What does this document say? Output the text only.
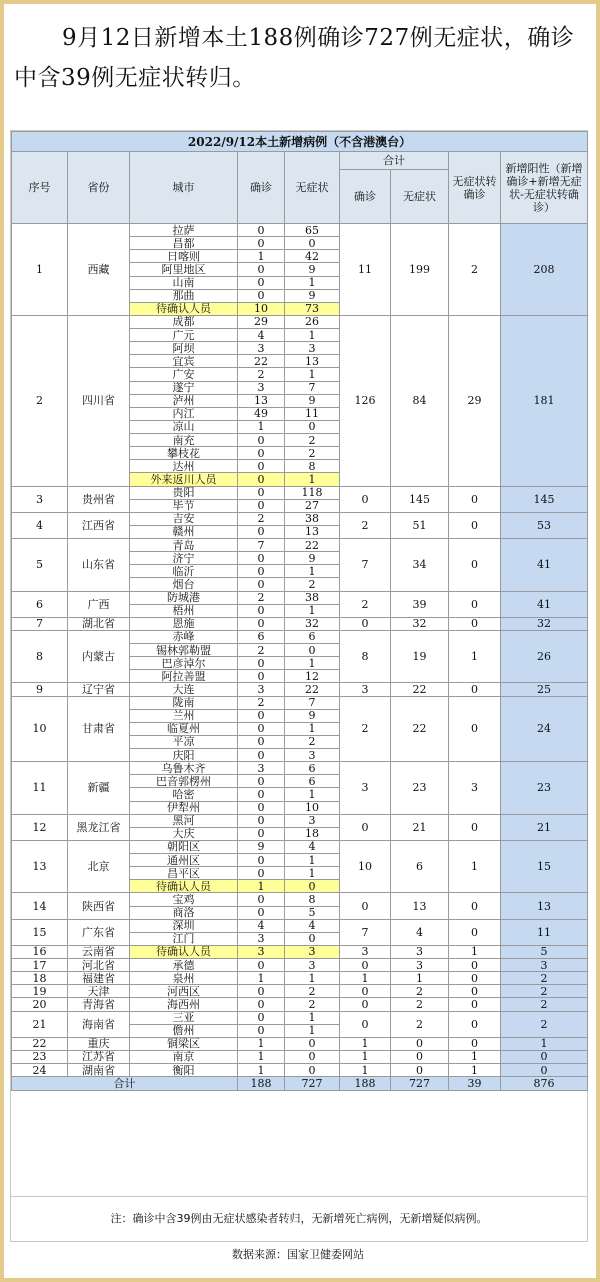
9月12日新增本土188例确诊727例无症状，确诊中含39例无症状转归。
2022/9/12本土新增病例（不含港澳台）								
序号	省份	城市	确诊	无症状	合计		无症状转确诊	新增阳性（新增确诊+新增无症状-无症状转确诊）
					确诊	无症状		
1	西藏	拉萨	0	65	11	199	2	208
		昌都	0	0				
		日喀则	1	42				
		阿里地区	0	9				
		山南	0	1				
		那曲	0	9				
		待确认人员	10	73				
2	四川省	成都	29	26	126	84	29	181
		广元	4	1				
		阿坝	3	3				
		宜宾	22	13				
		广安	2	1				
		遂宁	3	7				
		泸州	13	9				
		内江	49	11				
		凉山	1	0				
		南充	0	2				
		攀枝花	0	2				
		达州	0	8				
		外来返川人员	0	1				
3	贵州省	贵阳	0	118	0	145	0	145
		毕节	0	27				
4	江西省	吉安	2	38	2	51	0	53
		赣州	0	13				
5	山东省	青岛	7	22	7	34	0	41
		济宁	0	9				
		临沂	0	1				
		烟台	0	2				
6	广西	防城港	2	38	2	39	0	41
		梧州	0	1				
7	湖北省	恩施	0	32	0	32	0	32
8	内蒙古	赤峰	6	6	8	19	1	26
		锡林郭勒盟	2	0				
		巴彦淖尔	0	1				
		阿拉善盟	0	12				
9	辽宁省	大连	3	22	3	22	0	25
10	甘肃省	陇南	2	7	2	22	0	24
		兰州	0	9				
		临夏州	0	1				
		平凉	0	2				
		庆阳	0	3				
11	新疆	乌鲁木齐	3	6	3	23	3	23
		巴音郭楞州	0	6				
		哈密	0	1				
		伊犁州	0	10				
12	黑龙江省	黑河	0	3	0	21	0	21
		大庆	0	18				
13	北京	朝阳区	9	4	10	6	1	15
		通州区	0	1				
		昌平区	0	1				
		待确认人员	1	0				
14	陕西省	宝鸡	0	8	0	13	0	13
		商洛	0	5				
15	广东省	深圳	4	4	7	4	0	11
		江门	3	0				
16	云南省	待确认人员	3	3	3	3	1	5
17	河北省	承德	0	3	0	3	0	3
18	福建省	泉州	1	1	1	1	0	2
19	天津	河西区	0	2	0	2	0	2
20	青海省	海西州	0	2	0	2	0	2
21	海南省	三亚	0	1	0	2	0	2
		儋州	0	1				
22	重庆	铜梁区	1	0	1	0	0	1
23	江苏省	南京	1	0	1	0	1	0
24	湖南省	衡阳	1	0	1	0	1	0
合计			188	727	188	727	39	876
注：确诊中含39例由无症状感染者转归，无新增死亡病例，无新增疑似病例。
数据来源：国家卫健委网站
